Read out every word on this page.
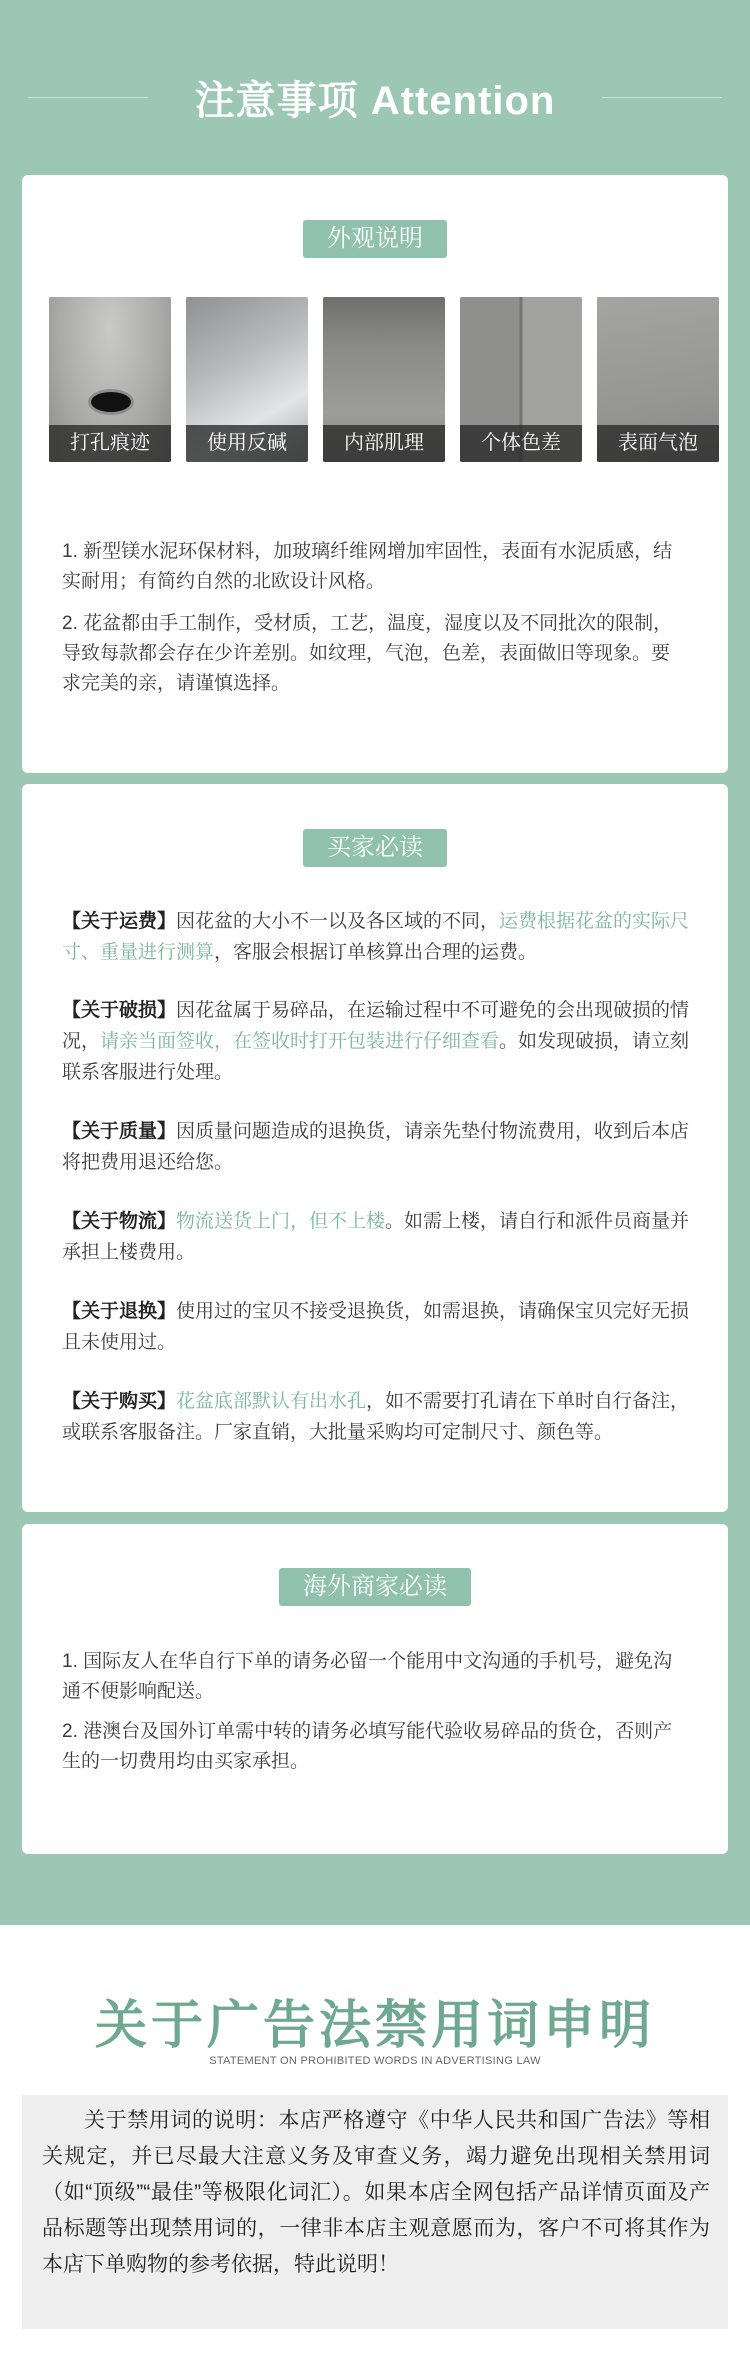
注意事项 Attention
外观说明
打孔痕迹	使用反碱	内部肌理	个体色差	表面气泡

1. 新型镁水泥环保材料，加玻璃纤维网增加牢固性，表面有水泥质感，结实耐用；有简约自然的北欧设计风格。

2. 花盆都由手工制作，受材质，工艺，温度，湿度以及不同批次的限制，导致每款都会存在少许差别。如纹理，气泡，色差，表面做旧等现象。要求完美的亲，请谨慎选择。

买家必读

【关于运费】因花盆的大小不一以及各区域的不同，运费根据花盆的实际尺寸、重量进行测算，客服会根据订单核算出合理的运费。

【关于破损】因花盆属于易碎品，在运输过程中不可避免的会出现破损的情况，请亲当面签收，在签收时打开包装进行仔细查看。如发现破损，请立刻联系客服进行处理。

【关于质量】因质量问题造成的退换货，请亲先垫付物流费用，收到后本店将把费用退还给您。

【关于物流】物流送货上门，但不上楼。如需上楼，请自行和派件员商量并承担上楼费用。

【关于退换】使用过的宝贝不接受退换货，如需退换，请确保宝贝完好无损且未使用过。

【关于购买】花盆底部默认有出水孔，如不需要打孔请在下单时自行备注，或联系客服备注。厂家直销，大批量采购均可定制尺寸、颜色等。

海外商家必读

1. 国际友人在华自行下单的请务必留一个能用中文沟通的手机号，避免沟通不便影响配送。

2. 港澳台及国外订单需中转的请务必填写能代验收易碎品的货仓，否则产生的一切费用均由买家承担。

关于广告法禁用词申明
STATEMENT ON PROHIBITED WORDS IN ADVERTISING LAW

关于禁用词的说明：本店严格遵守《中华人民共和国广告法》等相关规定，并已尽最大注意义务及审查义务，竭力避免出现相关禁用词（如“顶级”“最佳”等极限化词汇）。如果本店全网包括产品详情页面及产品标题等出现禁用词的，一律非本店主观意愿而为，客户不可将其作为本店下单购物的参考依据，特此说明！
